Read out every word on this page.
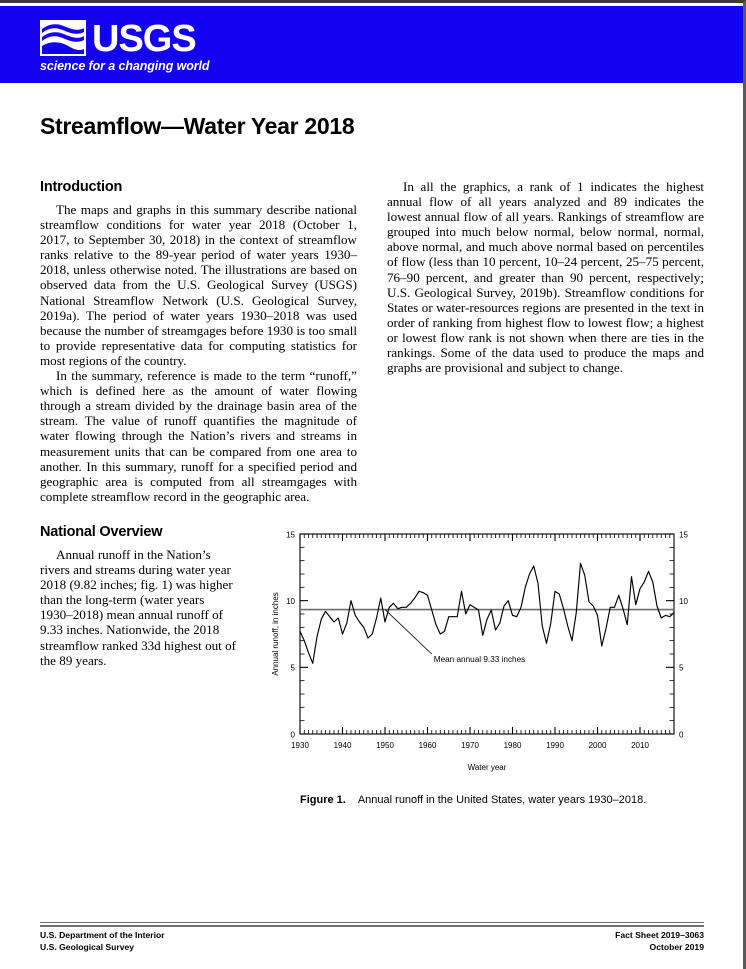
USGS
science for a changing world
Streamflow—Water Year 2018
Introduction

The maps and graphs in this summary describe national streamflow conditions for water year 2018 (October 1, 2017, to September 30, 2018) in the context of streamflow ranks relative to the 89-year period of water years 1930–2018, unless otherwise noted. The illustrations are based on observed data from the U.S. Geological Survey (USGS) National Streamflow Network (U.S. Geological Survey, 2019a). The period of water years 1930–2018 was used because the number of streamgages before 1930 is too small to provide representative data for computing statistics for most regions of the country.

In the summary, reference is made to the term “runoff,” which is defined here as the amount of water flowing through a stream divided by the drainage basin area of the stream. The value of runoff quantifies the magnitude of water flowing through the Nation’s rivers and streams in measurement units that can be compared from one area to another. In this summary, runoff for a specified period and geographic area is computed from all streamgages with complete streamflow record in the geographic area.

In all the graphics, a rank of 1 indicates the highest annual flow of all years analyzed and 89 indicates the lowest annual flow of all years. Rankings of streamflow are grouped into much below normal, below normal, normal, above normal, and much above normal based on percentiles of flow (less than 10 percent, 10–24 percent, 25–75 percent, 76–90 percent, and greater than 90 percent, respectively; U.S. Geological Survey, 2019b). Streamflow conditions for States or water-resources regions are presented in the text in order of ranking from highest flow to lowest flow; a highest or lowest flow rank is not shown when there are ties in the rankings. Some of the data used to produce the maps and graphs are provisional and subject to change.

National Overview

Annual runoff in the Nation’s rivers and streams during water year 2018 (9.82 inches; fig. 1) was higher than the long-term (water years 1930–2018) mean annual runoff of 9.33 inches. Nationwide, the 2018 streamflow ranked 33d highest out of the 89 years.

0	0
5	5
10	10
15	15
1930	1940	1950	1960	1970	1980	1990	2000	2010
Water year
Annual runoff, in inches	Mean annual 9.33 inches
Figure 1. Annual runoff in the United States, water years 1930–2018.
U.S. Department of the Interior
U.S. Geological Survey
Fact Sheet 2019–3063
October 2019
